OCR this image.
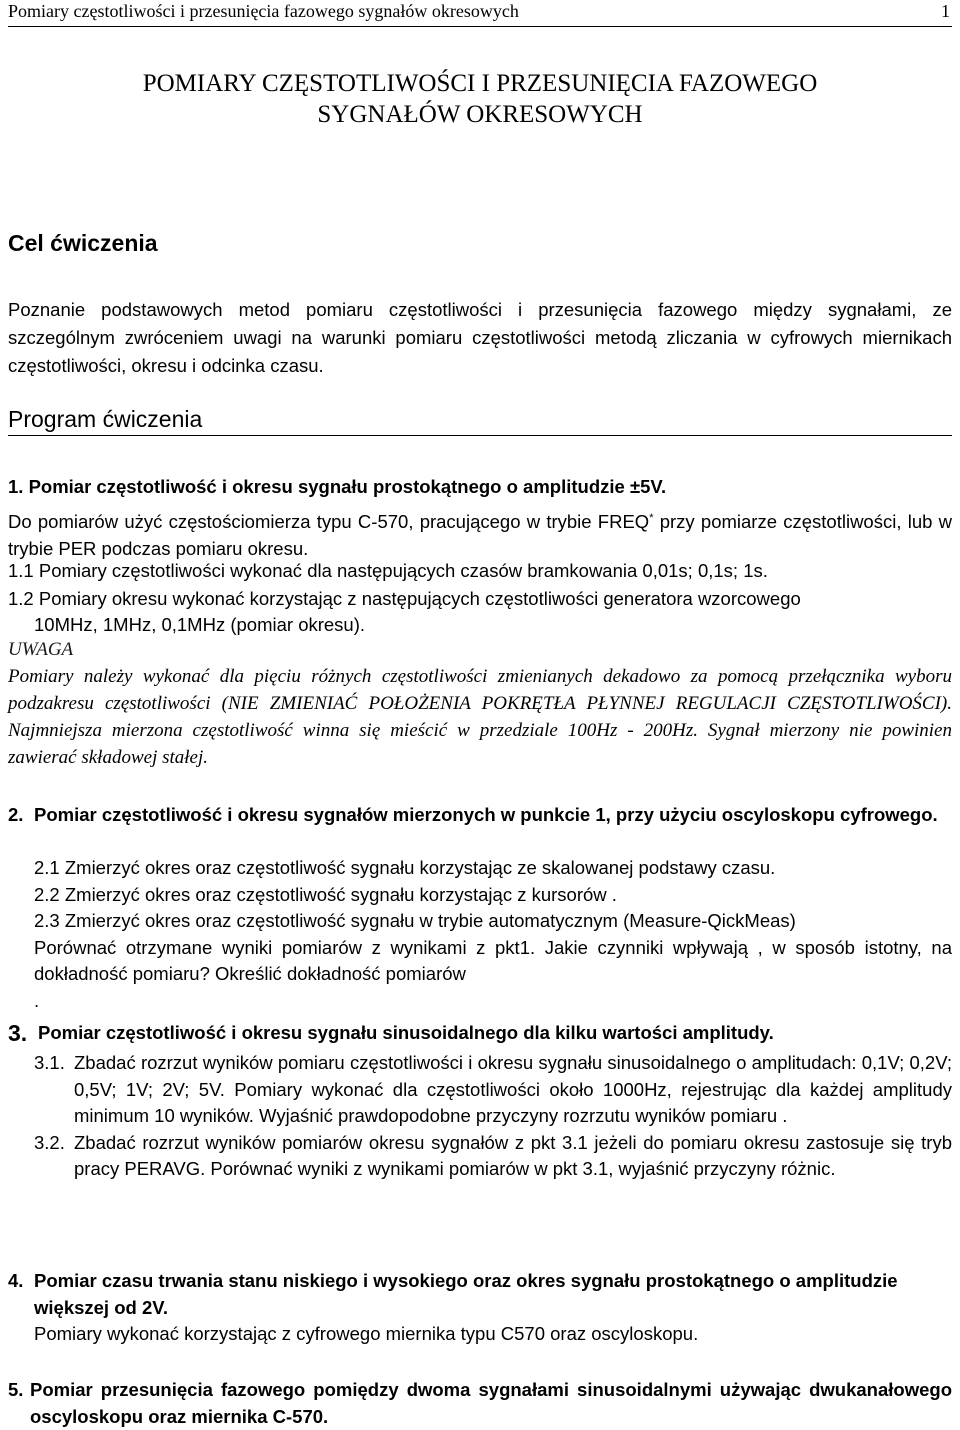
Pomiary częstotliwości i przesunięcia fazowego sygnałów okresowych	1
POMIARY CZĘSTOTLIWOŚCI I PRZESUNIĘCIA FAZOWEGO
SYGNAŁÓW OKRESOWYCH
Cel ćwiczenia
Poznanie podstawowych metod pomiaru częstotliwości i przesunięcia fazowego między sygnałami, ze szczególnym zwróceniem uwagi na warunki pomiaru częstotliwości metodą zliczania w cyfrowych miernikach częstotliwości, okresu i odcinka czasu.
Program ćwiczenia
1. Pomiar częstotliwość i okresu sygnału prostokątnego o amplitudzie ±5V.
Do pomiarów użyć częstościomierza typu C-570, pracującego w trybie FREQ* przy pomiarze częstotliwości, lub w trybie PER podczas pomiaru okresu.
1.1 Pomiary częstotliwości wykonać dla następujących czasów bramkowania 0,01s; 0,1s; 1s.
1.2 Pomiary okresu wykonać korzystając z następujących częstotliwości generatora wzorcowego
10MHz, 1MHz, 0,1MHz (pomiar okresu).
UWAGA
Pomiary należy wykonać dla pięciu różnych częstotliwości zmienianych dekadowo za pomocą przełącznika wyboru podzakresu częstotliwości (NIE ZMIENIAĆ POŁOŻENIA POKRĘTŁA PŁYNNEJ REGULACJI CZĘSTOTLIWOŚCI). Najmniejsza mierzona częstotliwość winna się mieścić w przedziale 100Hz - 200Hz. Sygnał mierzony nie powinien zawierać składowej stałej.
2. Pomiar częstotliwość i okresu sygnałów mierzonych w punkcie 1, przy użyciu oscyloskopu cyfrowego.
2.1 Zmierzyć okres oraz częstotliwość sygnału korzystając ze skalowanej podstawy czasu.
2.2 Zmierzyć okres oraz częstotliwość sygnału korzystając z kursorów .
2.3 Zmierzyć okres oraz częstotliwość sygnału w trybie automatycznym (Measure-QickMeas)
Porównać otrzymane wyniki pomiarów z wynikami z pkt1. Jakie czynniki wpływają , w sposób istotny, na dokładność pomiaru? Określić dokładność pomiarów
.
3. Pomiar częstotliwość i okresu sygnału sinusoidalnego dla kilku wartości amplitudy.
3.1. Zbadać rozrzut wyników pomiaru częstotliwości i okresu sygnału sinusoidalnego o amplitudach: 0,1V; 0,2V; 0,5V; 1V; 2V; 5V. Pomiary wykonać dla częstotliwości około 1000Hz, rejestrując dla każdej amplitudy minimum 10 wyników. Wyjaśnić prawdopodobne przyczyny rozrzutu wyników pomiaru .
3.2. Zbadać rozrzut wyników pomiarów okresu sygnałów z pkt 3.1 jeżeli do pomiaru okresu zastosuje się tryb pracy PERAVG. Porównać wyniki z wynikami pomiarów w pkt 3.1, wyjaśnić przyczyny różnic.
4. Pomiar czasu trwania stanu niskiego i wysokiego oraz okres sygnału prostokątnego o amplitudzie większej od 2V.
Pomiary wykonać korzystając z cyfrowego miernika typu C570 oraz oscyloskopu.
5. Pomiar przesunięcia fazowego pomiędzy dwoma sygnałami sinusoidalnymi używając dwukanałowego oscyloskopu oraz miernika C-570.
